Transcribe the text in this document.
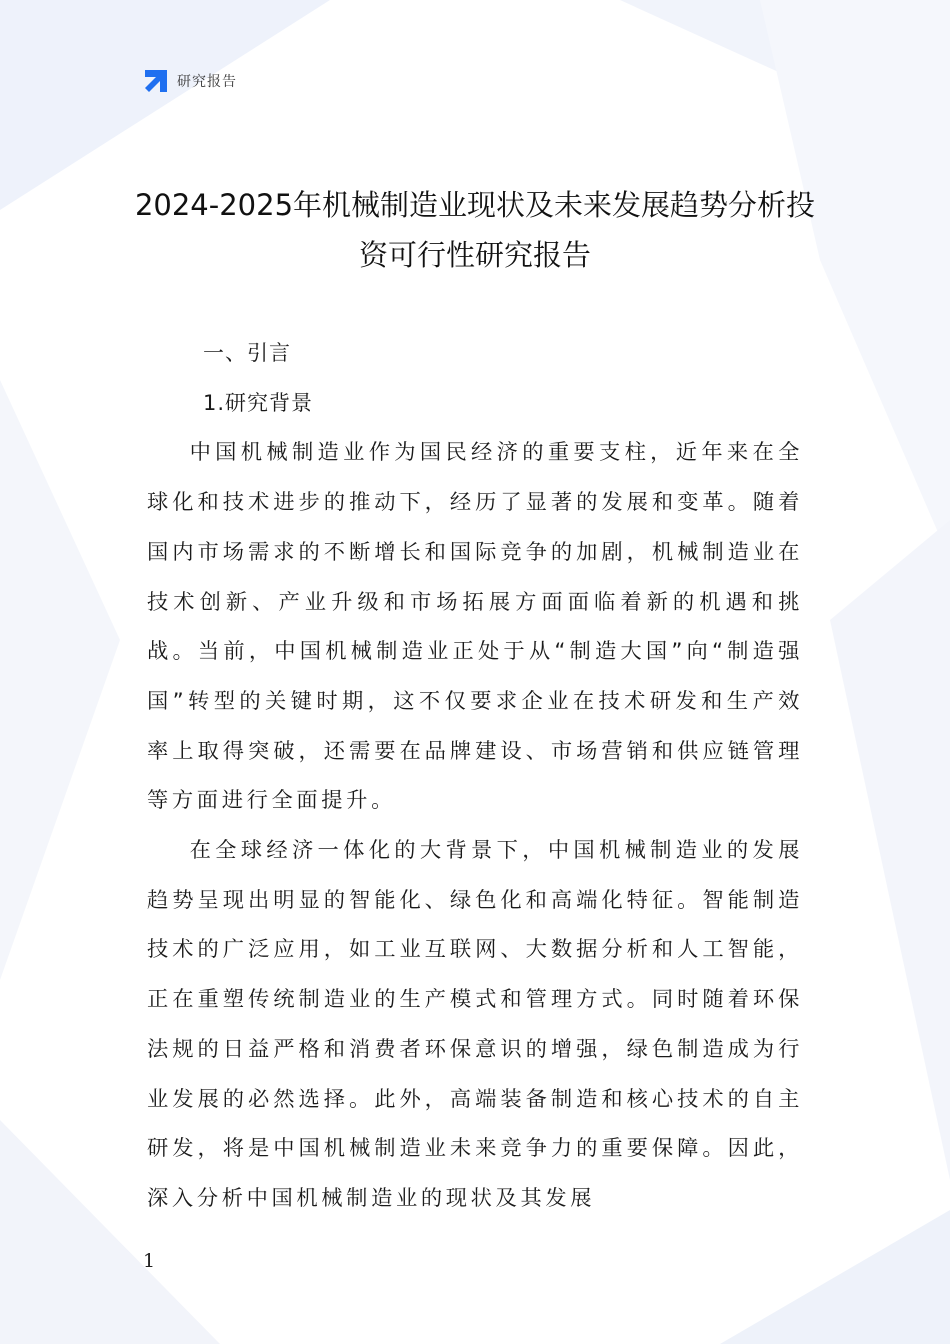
研究报告
2024-2025年机械制造业现状及未来发展趋势分析投资可行性研究报告

一、引言

1.研究背景

中国机械制造业作为国民经济的重要支柱，近年来在全球化和技术进步的推动下，经历了显著的发展和变革。随着国内市场需求的不断增长和国际竞争的加剧，机械制造业在技术创新、产业升级和市场拓展方面面临着新的机遇和挑战。当前，中国机械制造业正处于从“制造大国”向“制造强国”转型的关键时期，这不仅要求企业在技术研发和生产效率上取得突破，还需要在品牌建设、市场营销和供应链管理等方面进行全面提升。

在全球经济一体化的大背景下，中国机械制造业的发展趋势呈现出明显的智能化、绿色化和高端化特征。智能制造技术的广泛应用，如工业互联网、大数据分析和人工智能，正在重塑传统制造业的生产模式和管理方式。同时随着环保法规的日益严格和消费者环保意识的增强，绿色制造成为行业发展的必然选择。此外，高端装备制造和核心技术的自主研发，将是中国机械制造业未来竞争力的重要保障。因此，深入分析中国机械制造业的现状及其发展

1
